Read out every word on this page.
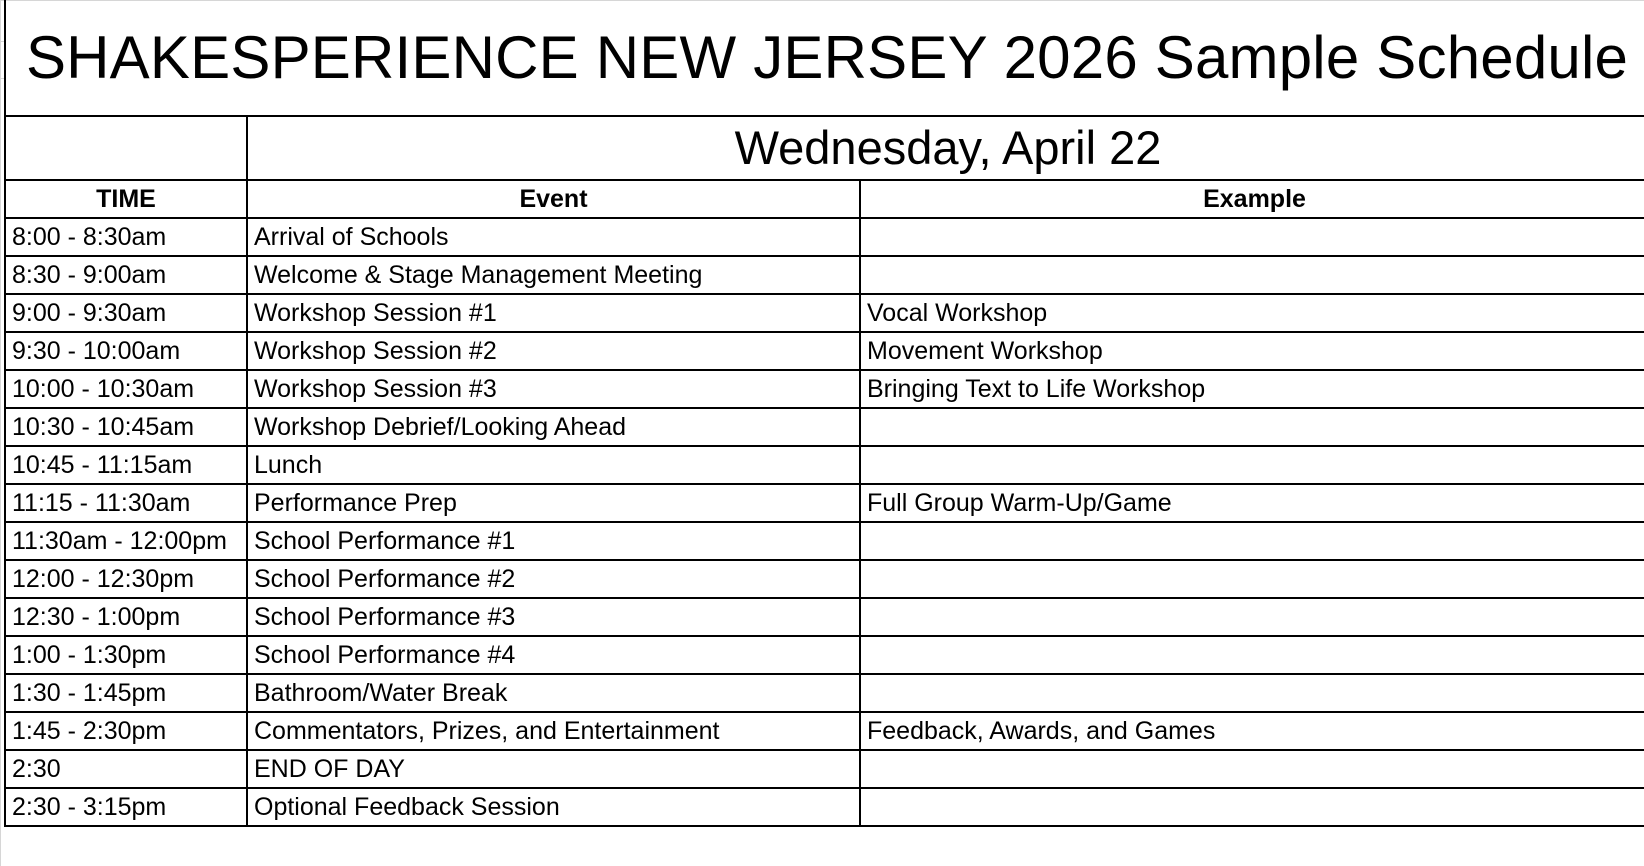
SHAKESPERIENCE NEW JERSEY 2026 Sample Schedule		
	Wednesday, April 22	
TIME	Event	Example
8:00 - 8:30am	Arrival of Schools	
8:30 - 9:00am	Welcome & Stage Management Meeting	
9:00 - 9:30am	Workshop Session #1	Vocal Workshop
9:30 - 10:00am	Workshop Session #2	Movement Workshop
10:00 - 10:30am	Workshop Session #3	Bringing Text to Life Workshop
10:30 - 10:45am	Workshop Debrief/Looking Ahead	
10:45 - 11:15am	Lunch	
11:15 - 11:30am	Performance Prep	Full Group Warm-Up/Game
11:30am - 12:00pm	School Performance #1	
12:00 - 12:30pm	School Performance #2	
12:30 - 1:00pm	School Performance #3	
1:00 - 1:30pm	School Performance #4	
1:30 - 1:45pm	Bathroom/Water Break	
1:45 - 2:30pm	Commentators, Prizes, and Entertainment	Feedback, Awards, and Games
2:30	END OF DAY	
2:30 - 3:15pm	Optional Feedback Session	
